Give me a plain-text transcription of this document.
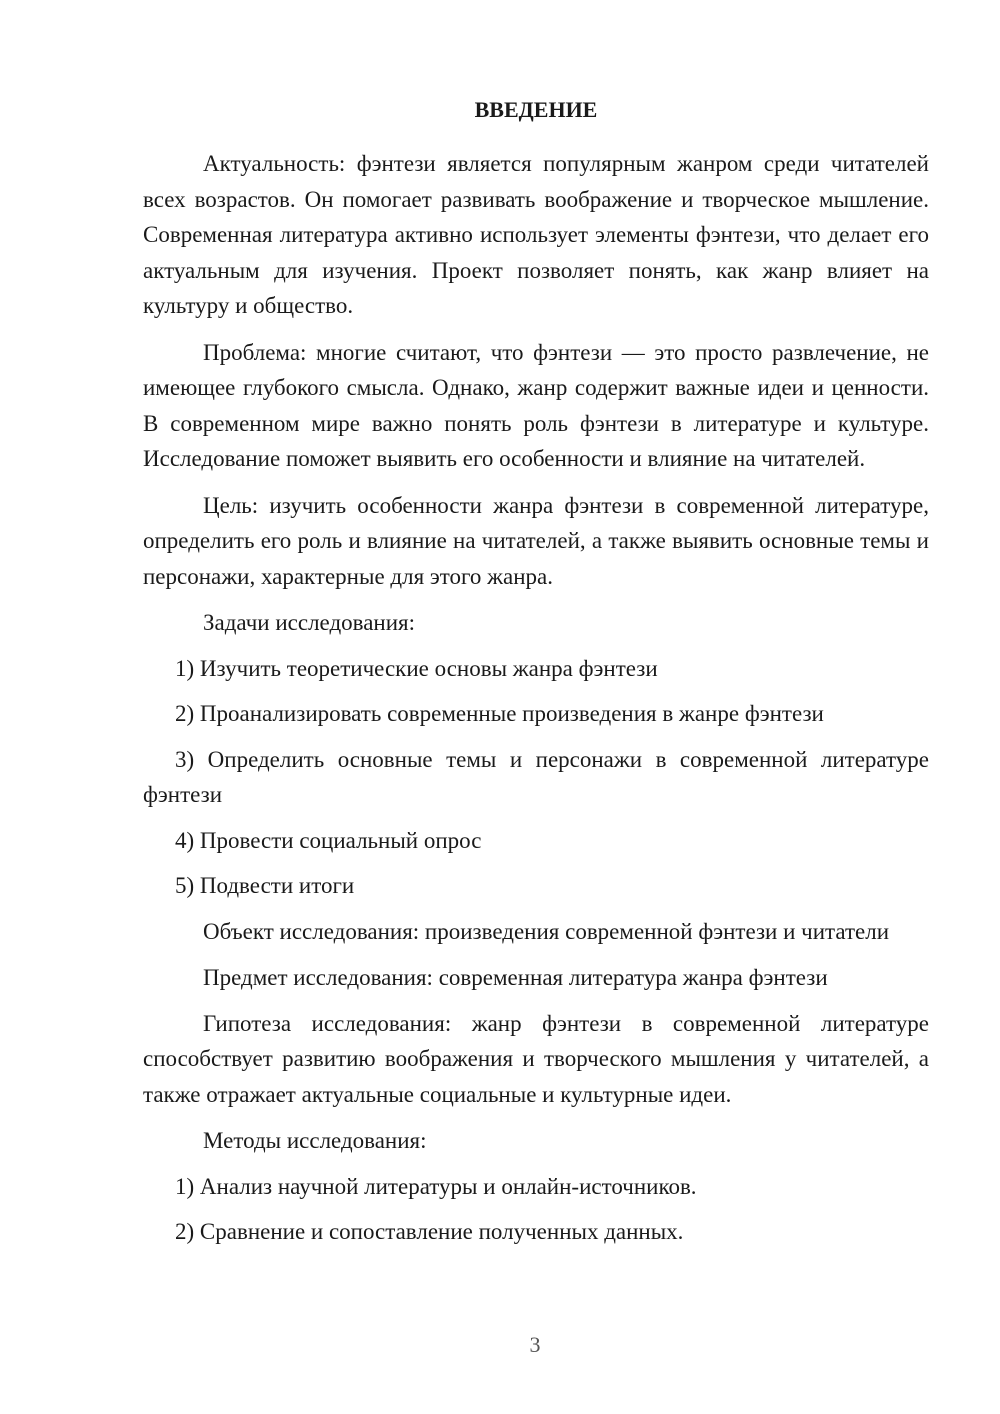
ВВЕДЕНИЕ

Актуальность: фэнтези является популярным жанром среди читателей всех возрастов. Он помогает развивать воображение и творческое мышление. Современная литература активно использует элементы фэнтези, что делает его актуальным для изучения. Проект позволяет понять, как жанр влияет на культуру и общество.

Проблема: многие считают, что фэнтези — это просто развлечение, не имеющее глубокого смысла. Однако, жанр содержит важные идеи и ценности. В современном мире важно понять роль фэнтези в литературе и культуре. Исследование поможет выявить его особенности и влияние на читателей.

Цель: изучить особенности жанра фэнтези в современной литературе, определить его роль и влияние на читателей, а также выявить основные темы и персонажи, характерные для этого жанра.

Задачи исследования:

1) Изучить теоретические основы жанра фэнтези

2) Проанализировать современные произведения в жанре фэнтези

3) Определить основные темы и персонажи в современной литературе фэнтези

4) Провести социальный опрос

5) Подвести итоги

Объект исследования: произведения современной фэнтези и читатели

Предмет исследования: современная литература жанра фэнтези

Гипотеза исследования: жанр фэнтези в современной литературе способствует развитию воображения и творческого мышления у читателей, а также отражает актуальные социальные и культурные идеи.

Методы исследования:

1) Анализ научной литературы и онлайн-источников.

2) Сравнение и сопоставление полученных данных.

3
